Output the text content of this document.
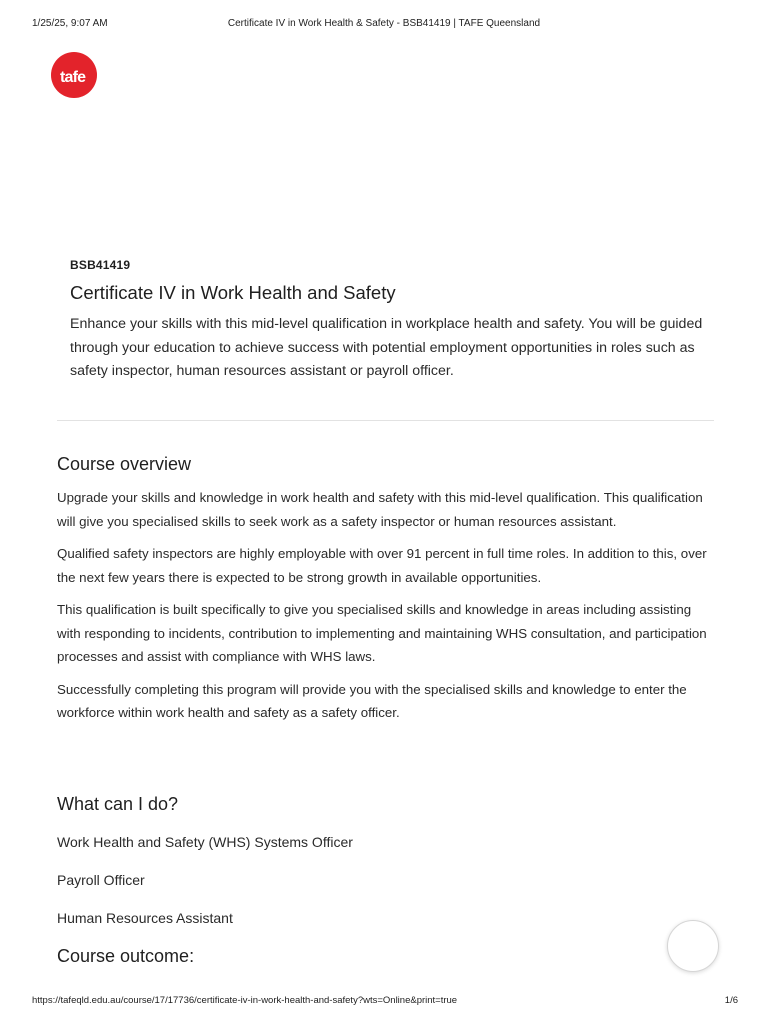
1/25/25, 9:07 AM	Certificate IV in Work Health & Safety - BSB41419 | TAFE Queensland
tafe
BSB41419
Certificate IV in Work Health and Safety
Enhance your skills with this mid-level qualification in workplace health and safety. You will be guided through your education to achieve success with potential employment opportunities in roles such as safety inspector, human resources assistant or payroll officer.
Course overview

Upgrade your skills and knowledge in work health and safety with this mid-level qualification. This qualification will give you specialised skills to seek work as a safety inspector or human resources assistant.

Qualified safety inspectors are highly employable with over 91 percent in full time roles. In addition to this, over the next few years there is expected to be strong growth in available opportunities.

This qualification is built specifically to give you specialised skills and knowledge in areas including assisting with responding to incidents, contribution to implementing and maintaining WHS consultation, and participation processes and assist with compliance with WHS laws.

Successfully completing this program will provide you with the specialised skills and knowledge to enter the workforce within work health and safety as a safety officer.

What can I do?
Work Health and Safety (WHS) Systems Officer
Payroll Officer
Human Resources Assistant
Course outcome:
https://tafeqld.edu.au/course/17/17736/certificate-iv-in-work-health-and-safety?wts=Online&print=true	1/6
